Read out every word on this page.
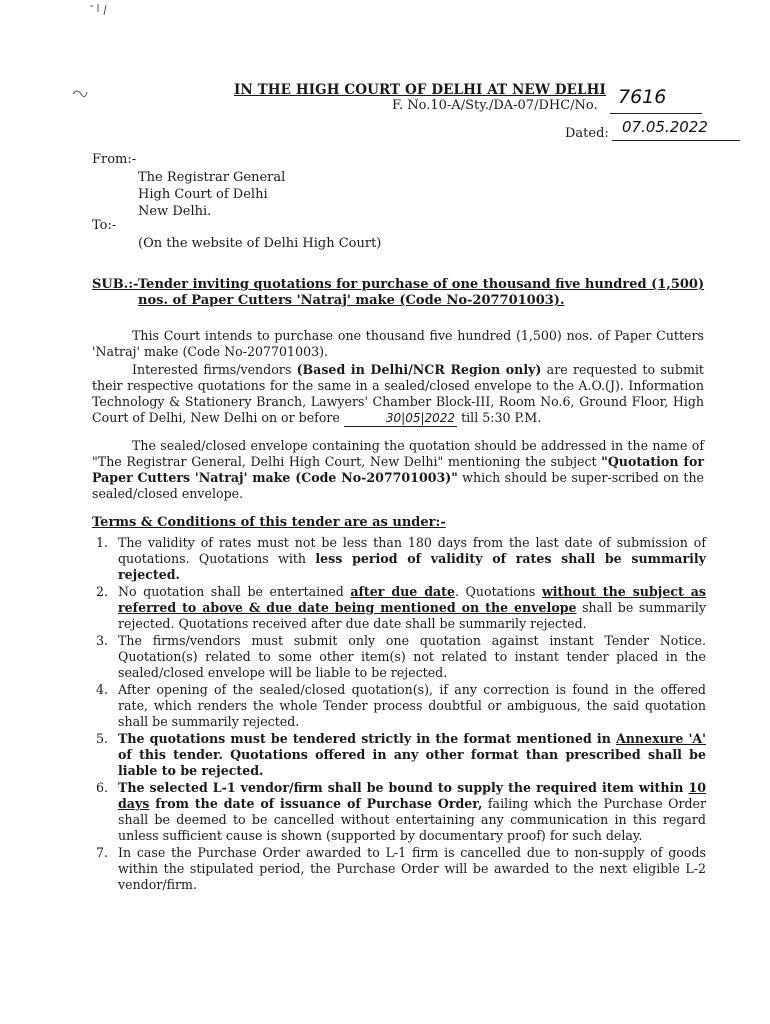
IN THE HIGH COURT OF DELHI AT NEW DELHI
F. No.10-A/Sty./DA-07/DHC/No. 7616
Dated: 07.05.2022
From:-
The Registrar General
High Court of Delhi
New Delhi.
To:-
(On the website of Delhi High Court)
SUB.:- Tender inviting quotations for purchase of one thousand five hundred (1,500) nos. of Paper Cutters 'Natraj' make (Code No-207701003).
This Court intends to purchase one thousand five hundred (1,500) nos. of Paper Cutters 'Natraj' make (Code No-207701003).
Interested firms/vendors (Based in Delhi/NCR Region only) are requested to submit their respective quotations for the same in a sealed/closed envelope to the A.O.(J). Information Technology & Stationery Branch, Lawyers' Chamber Block-III, Room No.6, Ground Floor, High Court of Delhi, New Delhi on or before	30|05|2022 till 5:30 P.M.
The sealed/closed envelope containing the quotation should be addressed in the name of "The Registrar General, Delhi High Court, New Delhi" mentioning the subject "Quotation for Paper Cutters 'Natraj' make (Code No-207701003)" which should be super-scribed on the sealed/closed envelope.
Terms & Conditions of this tender are as under:-
1. The validity of rates must not be less than 180 days from the last date of submission of quotations. Quotations with less period of validity of rates shall be summarily rejected.
2. No quotation shall be entertained after due date. Quotations without the subject as referred to above & due date being mentioned on the envelope shall be summarily rejected. Quotations received after due date shall be summarily rejected.
3. The firms/vendors must submit only one quotation against instant Tender Notice. Quotation(s) related to some other item(s) not related to instant tender placed in the sealed/closed envelope will be liable to be rejected.
4. After opening of the sealed/closed quotation(s), if any correction is found in the offered rate, which renders the whole Tender process doubtful or ambiguous, the said quotation shall be summarily rejected.
5. The quotations must be tendered strictly in the format mentioned in Annexure 'A' of this tender. Quotations offered in any other format than prescribed shall be liable to be rejected.
6. The selected L-1 vendor/firm shall be bound to supply the required item within 10 days from the date of issuance of Purchase Order, failing which the Purchase Order shall be deemed to be cancelled without entertaining any communication in this regard unless sufficient cause is shown (supported by documentary proof) for such delay.
7. In case the Purchase Order awarded to L-1 firm is cancelled due to non-supply of goods within the stipulated period, the Purchase Order will be awarded to the next eligible L-2 vendor/firm.
